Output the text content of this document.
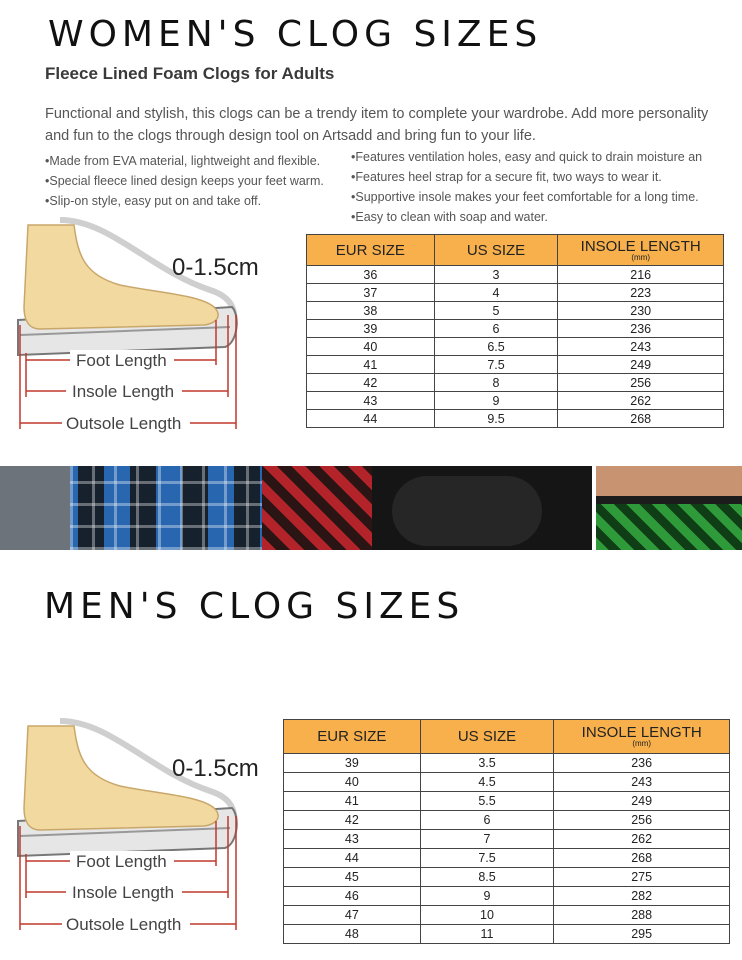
WOMEN'S CLOG SIZES
Fleece Lined Foam Clogs for Adults
Functional and stylish, this clogs can be a trendy item to complete your wardrobe. Add more personality and fun to the clogs through design tool on Artsadd and bring fun to your life.
• Made from EVA material, lightweight and flexible.
• Special fleece lined design keeps your feet warm.
• Slip-on style, easy put on and take off.
• Features ventilation holes, easy and quick to drain moisture an
• Features heel strap for a secure fit, two ways to wear it.
• Supportive insole makes your feet comfortable for a long time.
• Easy to clean with soap and water.
Foot Length
Insole Length
Outsole Length
0-1.5cm
EUR SIZE	US SIZE	INSOLE LENGTH
(mm)

36	3	216
37	4	223
38	5	230
39	6	236
40	6.5	243
41	7.5	249
42	8	256
43	9	262
44	9.5	268
MEN'S CLOG SIZES
Foot Length
Insole Length
Outsole Length
0-1.5cm
EUR SIZE	US SIZE	INSOLE LENGTH
(mm)

39	3.5	236
40	4.5	243
41	5.5	249
42	6	256
43	7	262
44	7.5	268
45	8.5	275
46	9	282
47	10	288
48	11	295
